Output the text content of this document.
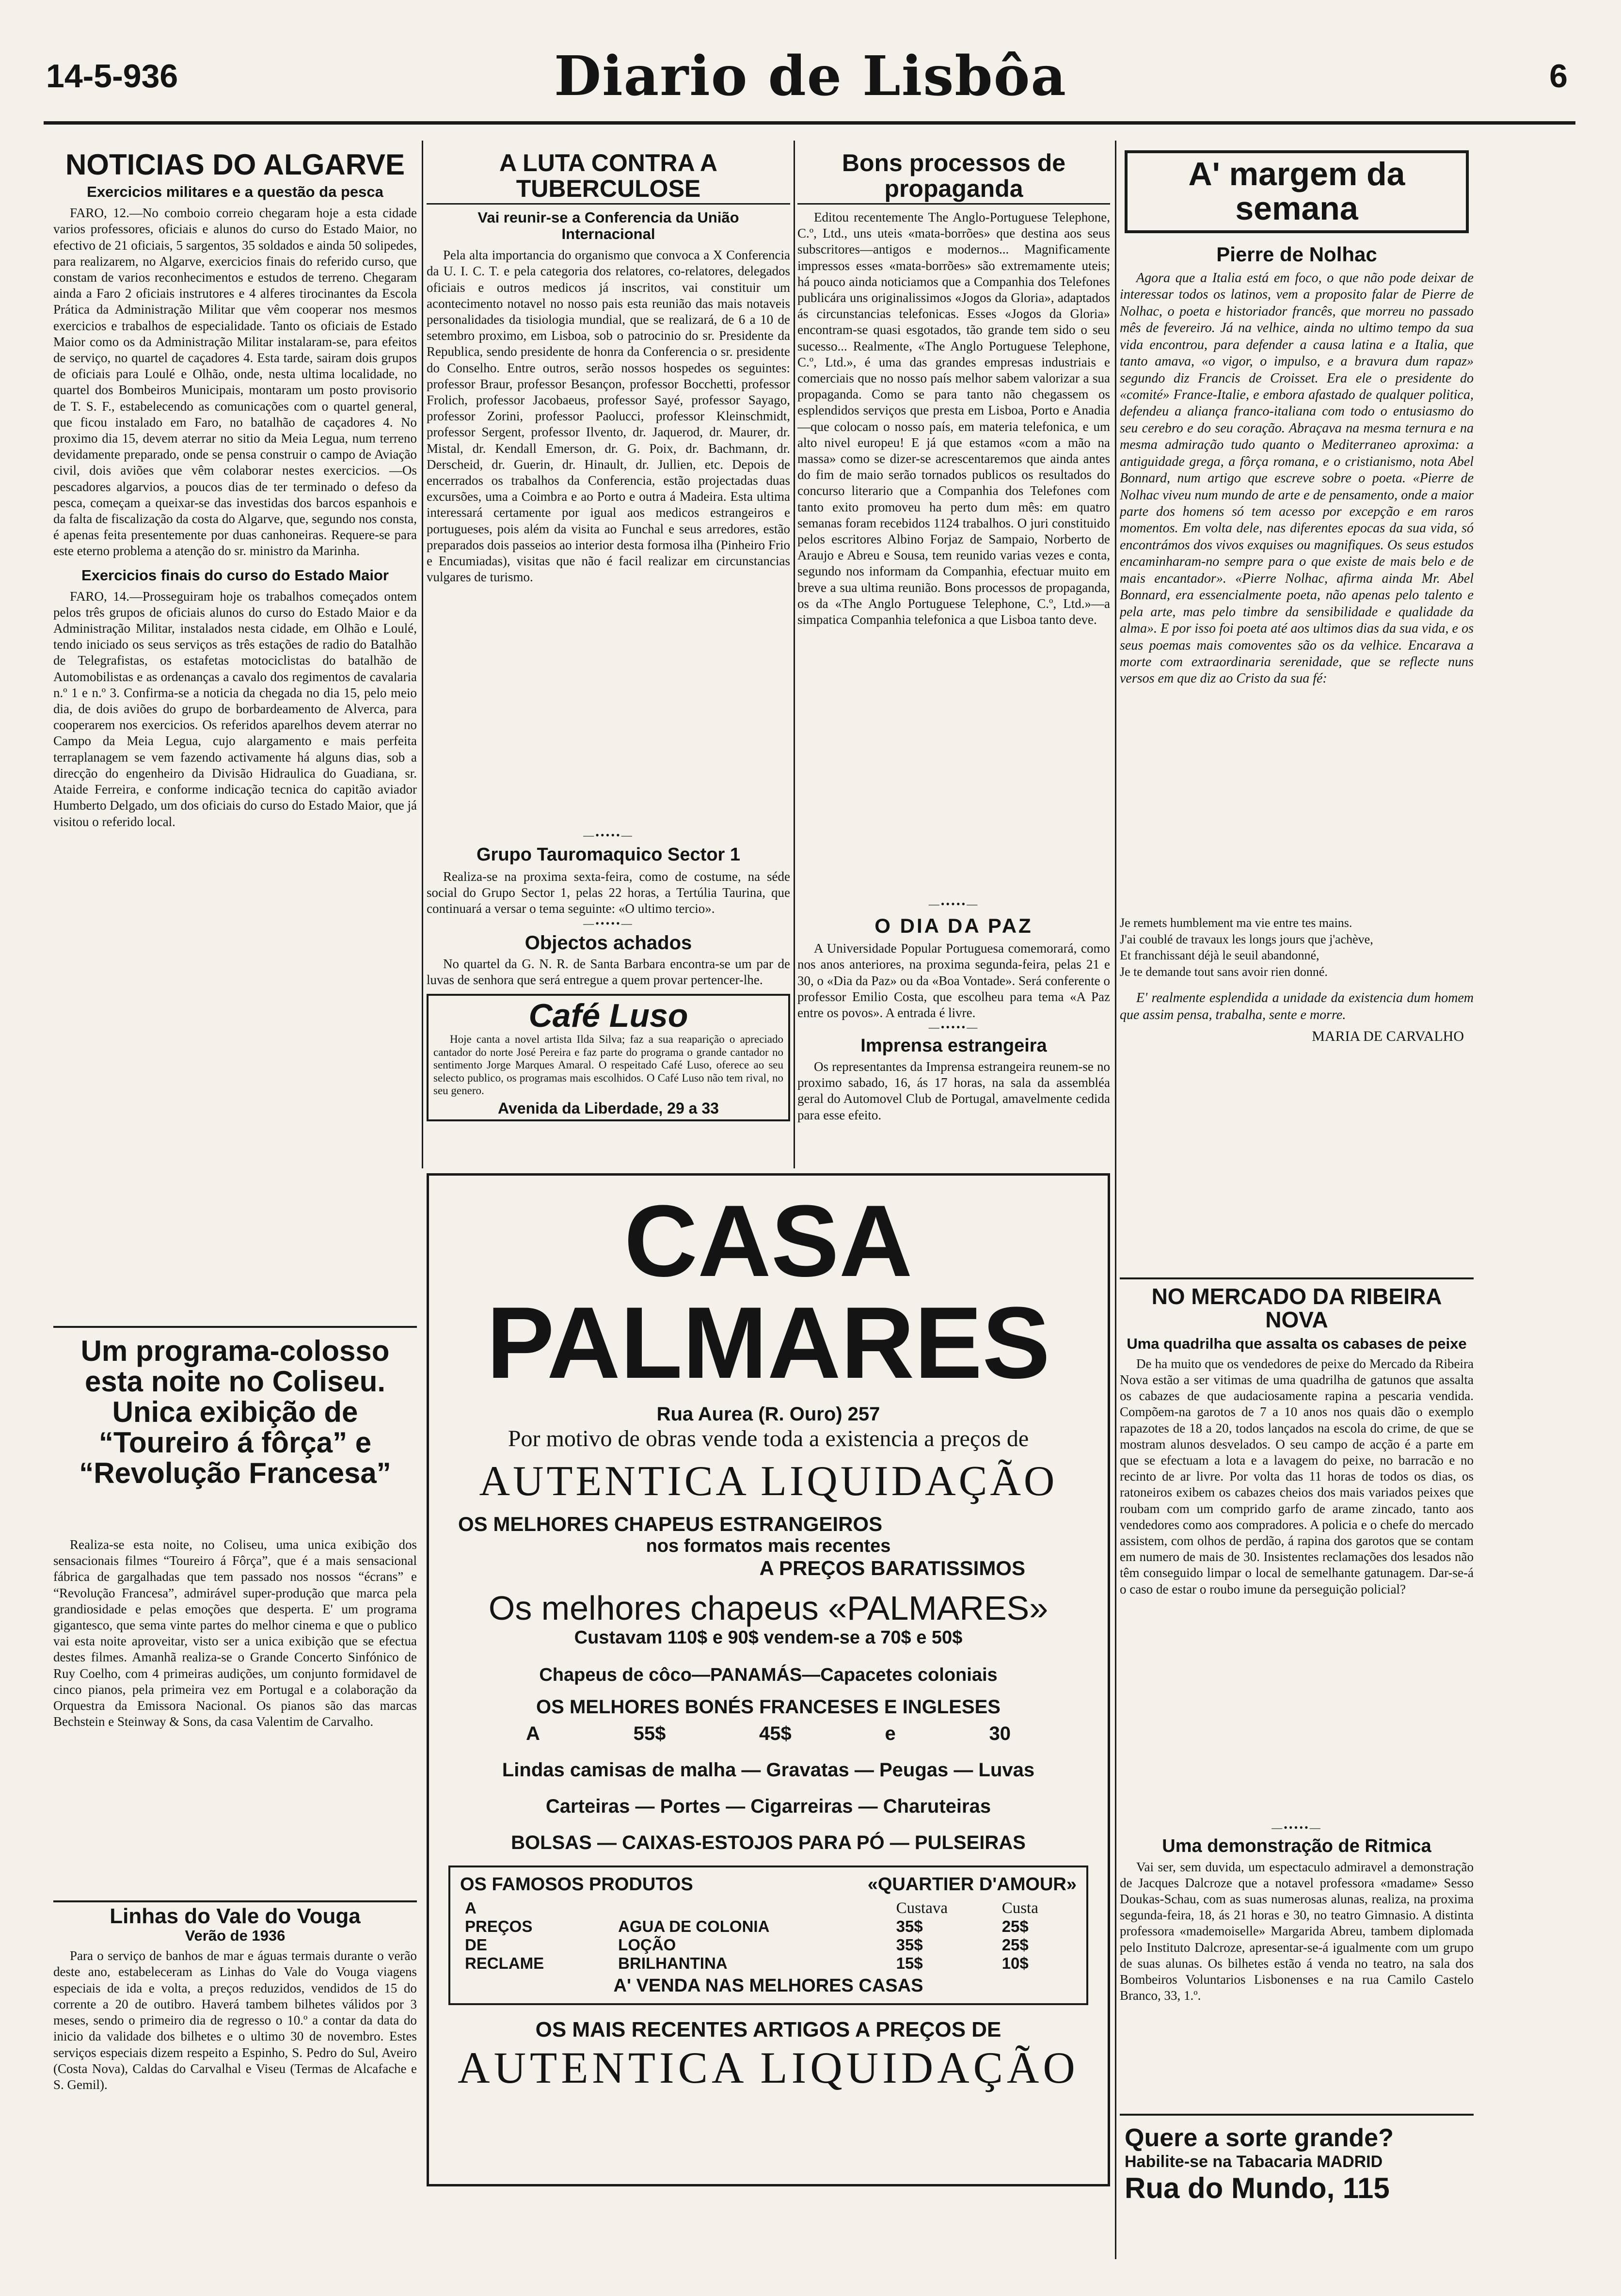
14-5-936	Diario de Lisbôa	6
NOTICIAS DO ALGARVE
Exercicios militares e a questão da pesca

FARO, 12.—No comboio correio chegaram hoje a esta cidade varios professores, oficiais e alunos do curso do Estado Maior, no efectivo de 21 oficiais, 5 sargentos, 35 soldados e ainda 50 solipedes, para realizarem, no Algarve, exercicios finais do referido curso, que constam de varios reconhecimentos e estudos de terreno. Chegaram ainda a Faro 2 oficiais instrutores e 4 alferes tirocinantes da Escola Prática da Administração Militar que vêm cooperar nos mesmos exercicios e trabalhos de especialidade. Tanto os oficiais de Estado Maior como os da Administração Militar instalaram-se, para efeitos de serviço, no quartel de caçadores 4. Esta tarde, sairam dois grupos de oficiais para Loulé e Olhão, onde, nesta ultima localidade, no quartel dos Bombeiros Municipais, montaram um posto provisorio de T. S. F., estabelecendo as comunicações com o quartel general, que ficou instalado em Faro, no batalhão de caçadores 4. No proximo dia 15, devem aterrar no sitio da Meia Legua, num terreno devidamente preparado, onde se pensa construir o campo de Aviação civil, dois aviões que vêm colaborar nestes exercicios. —Os pescadores algarvios, a poucos dias de ter terminado o defeso da pesca, começam a queixar-se das investidas dos barcos espanhois e da falta de fiscalização da costa do Algarve, que, segundo nos consta, é apenas feita presentemente por duas canhoneiras. Requere-se para este eterno problema a atenção do sr. ministro da Marinha.

Exercicios finais do curso do Estado Maior

FARO, 14.—Prosseguiram hoje os trabalhos começados ontem pelos três grupos de oficiais alunos do curso do Estado Maior e da Administração Militar, instalados nesta cidade, em Olhão e Loulé, tendo iniciado os seus serviços as três estações de radio do Batalhão de Telegrafistas, os estafetas motociclistas do batalhão de Automobilistas e as ordenanças a cavalo dos regimentos de cavalaria n.º 1 e n.º 3. Confirma-se a noticia da chegada no dia 15, pelo meio dia, de dois aviões do grupo de borbardeamento de Alverca, para cooperarem nos exercicios. Os referidos aparelhos devem aterrar no Campo da Meia Legua, cujo alargamento e mais perfeita terraplanagem se vem fazendo activamente há alguns dias, sob a direcção do engenheiro da Divisão Hidraulica do Guadiana, sr. Ataide Ferreira, e conforme indicação tecnica do capitão aviador Humberto Delgado, um dos oficiais do curso do Estado Maior, que já visitou o referido local.

Um programa-colosso esta noite no Coliseu. Unica exibição de “Toureiro á fôrça” e “Revolução Francesa”

Realiza-se esta noite, no Coliseu, uma unica exibição dos sensacionais filmes “Toureiro á Fôrça”, que é a mais sensacional fábrica de gargalhadas que tem passado nos nossos “écrans” e “Revolução Francesa”, admirável super-produção que marca pela grandiosidade e pelas emoções que desperta. E' um programa gigantesco, que sema vinte partes do melhor cinema e que o publico vai esta noite aproveitar, visto ser a unica exibição que se efectua destes filmes. Amanhã realiza-se o Grande Concerto Sinfónico de Ruy Coelho, com 4 primeiras audições, um conjunto formidavel de cinco pianos, pela primeira vez em Portugal e a colaboração da Orquestra da Emissora Nacional. Os pianos são das marcas Bechstein e Steinway & Sons, da casa Valentim de Carvalho.

Linhas do Vale do Vouga
Verão de 1936

Para o serviço de banhos de mar e águas termais durante o verão deste ano, estabeleceram as Linhas do Vale do Vouga viagens especiais de ida e volta, a preços reduzidos, vendidos de 15 do corrente a 20 de outibro. Haverá tambem bilhetes válidos por 3 meses, sendo o primeiro dia de regresso o 10.º a contar da data do inicio da validade dos bilhetes e o ultimo 30 de novembro. Estes serviços especiais dizem respeito a Espinho, S. Pedro do Sul, Aveiro (Costa Nova), Caldas do Carvalhal e Viseu (Termas de Alcafache e S. Gemil).

A LUTA CONTRA A TUBERCULOSE
Vai reunir-se a Conferencia da União Internacional

Pela alta importancia do organismo que convoca a X Conferencia da U. I. C. T. e pela categoria dos relatores, co-relatores, delegados oficiais e outros medicos já inscritos, vai constituir um acontecimento notavel no nosso pais esta reunião das mais notaveis personalidades da tisiologia mundial, que se realizará, de 6 a 10 de setembro proximo, em Lisboa, sob o patrocinio do sr. Presidente da Republica, sendo presidente de honra da Conferencia o sr. presidente do Conselho. Entre outros, serão nossos hospedes os seguintes: professor Braur, professor Besançon, professor Bocchetti, professor Frolich, professor Jacobaeus, professor Sayé, professor Sayago, professor Zorini, professor Paolucci, professor Kleinschmidt, professor Sergent, professor Ilvento, dr. Jaquerod, dr. Maurer, dr. Mistal, dr. Kendall Emerson, dr. G. Poix, dr. Bachmann, dr. Derscheid, dr. Guerin, dr. Hinault, dr. Jullien, etc. Depois de encerrados os trabalhos da Conferencia, estão projectadas duas excursões, uma a Coimbra e ao Porto e outra á Madeira. Esta ultima interessará certamente por igual aos medicos estrangeiros e portugueses, pois além da visita ao Funchal e seus arredores, estão preparados dois passeios ao interior desta formosa ilha (Pinheiro Frio e Encumiadas), visitas que não é facil realizar em circunstancias vulgares de turismo.

—•••••—
Grupo Tauromaquico Sector 1

Realiza-se na proxima sexta-feira, como de costume, na séde social do Grupo Sector 1, pelas 22 horas, a Tertúlia Taurina, que continuará a versar o tema seguinte: «O ultimo tercio».

—•••••—
Objectos achados

No quartel da G. N. R. de Santa Barbara encontra-se um par de luvas de senhora que será entregue a quem provar pertencer-lhe.

Café Luso

Hoje canta a novel artista Ilda Silva; faz a sua reaparição o apreciado cantador do norte José Pereira e faz parte do programa o grande cantador no sentimento Jorge Marques Amaral. O respeitado Café Luso, oferece ao seu selecto publico, os programas mais escolhidos. O Café Luso não tem rival, no seu genero.

Avenida da Liberdade, 29 a 33
Bons processos de propaganda

Editou recentemente The Anglo-Portuguese Telephone, C.º, Ltd., uns uteis «mata-borrões» que destina aos seus subscritores—antigos e modernos... Magnificamente impressos esses «mata-borrões» são extremamente uteis; há pouco ainda noticiamos que a Companhia dos Telefones publicára uns originalissimos «Jogos da Gloria», adaptados ás circunstancias telefonicas. Esses «Jogos da Gloria» encontram-se quasi esgotados, tão grande tem sido o seu sucesso... Realmente, «The Anglo Portuguese Telephone, C.º, Ltd.», é uma das grandes empresas industriais e comerciais que no nosso país melhor sabem valorizar a sua propaganda. Como se para tanto não chegassem os esplendidos serviços que presta em Lisboa, Porto e Anadia—que colocam o nosso país, em materia telefonica, e um alto nivel europeu! E já que estamos «com a mão na massa» como se dizer-se acrescentaremos que ainda antes do fim de maio serão tornados publicos os resultados do concurso literario que a Companhia dos Telefones com tanto exito promoveu ha perto dum mês: em quatro semanas foram recebidos 1124 trabalhos. O juri constituido pelos escritores Albino Forjaz de Sampaio, Norberto de Araujo e Abreu e Sousa, tem reunido varias vezes e conta, segundo nos informam da Companhia, efectuar muito em breve a sua ultima reunião. Bons processos de propaganda, os da «The Anglo Portuguese Telephone, C.º, Ltd.»—a simpatica Companhia telefonica a que Lisboa tanto deve.

—•••••—
O DIA DA PAZ

A Universidade Popular Portuguesa comemorará, como nos anos anteriores, na proxima segunda-feira, pelas 21 e 30, o «Dia da Paz» ou da «Boa Vontade». Será conferente o professor Emilio Costa, que escolheu para tema «A Paz entre os povos». A entrada é livre.

—•••••—
Imprensa estrangeira

Os representantes da Imprensa estrangeira reunem-se no proximo sabado, 16, ás 17 horas, na sala da assembléa geral do Automovel Club de Portugal, amavelmente cedida para esse efeito.

A' margem da semana
Pierre de Nolhac

Agora que a Italia está em foco, o que não pode deixar de interessar todos os latinos, vem a proposito falar de Pierre de Nolhac, o poeta e historiador francês, que morreu no passado mês de fevereiro. Já na velhice, ainda no ultimo tempo da sua vida encontrou, para defender a causa latina e a Italia, que tanto amava, «o vigor, o impulso, e a bravura dum rapaz» segundo diz Francis de Croisset. Era ele o presidente do «comité» France-Italie, e embora afastado de qualquer politica, defendeu a aliança franco-italiana com todo o entusiasmo do seu cerebro e do seu coração. Abraçava na mesma ternura e na mesma admiração tudo quanto o Mediterraneo aproxima: a antiguidade grega, a fôrça romana, e o cristianismo, nota Abel Bonnard, num artigo que escreve sobre o poeta. «Pierre de Nolhac viveu num mundo de arte e de pensamento, onde a maior parte dos homens só tem acesso por excepção e em raros momentos. Em volta dele, nas diferentes epocas da sua vida, só encontrámos dos vivos exquises ou magnifiques. Os seus estudos encaminharam-no sempre para o que existe de mais belo e de mais encantador». «Pierre Nolhac, afirma ainda Mr. Abel Bonnard, era essencialmente poeta, não apenas pelo talento e pela arte, mas pelo timbre da sensibilidade e qualidade da alma». E por isso foi poeta até aos ultimos dias da sua vida, e os seus poemas mais comoventes são os da velhice. Encarava a morte com extraordinaria serenidade, que se reflecte nuns versos em que diz ao Cristo da sua fé:

Je remets humblement ma vie entre tes mains.
J'ai coublé de travaux les longs jours que j'achève,
Et franchissant déjà le seuil abandonné,
Je te demande tout sans avoir rien donné.

E' realmente esplendida a unidade da existencia dum homem que assim pensa, trabalha, sente e morre.

MARIA DE CARVALHO
NO MERCADO DA RIBEIRA NOVA
Uma quadrilha que assalta os cabases de peixe

De ha muito que os vendedores de peixe do Mercado da Ribeira Nova estão a ser vitimas de uma quadrilha de gatunos que assalta os cabazes de que audaciosamente rapina a pescaria vendida. Compõem-na garotos de 7 a 10 anos nos quais dão o exemplo rapazotes de 18 a 20, todos lançados na escola do crime, de que se mostram alunos desvelados. O seu campo de acção é a parte em que se efectuam a lota e a lavagem do peixe, no barracão e no recinto de ar livre. Por volta das 11 horas de todos os dias, os ratoneiros exibem os cabazes cheios dos mais variados peixes que roubam com um comprido garfo de arame zincado, tanto aos vendedores como aos compradores. A policia e o chefe do mercado assistem, com olhos de perdão, á rapina dos garotos que se contam em numero de mais de 30. Insistentes reclamações dos lesados não têm conseguido limpar o local de semelhante gatunagem. Dar-se-á o caso de estar o roubo imune da perseguição policial?

—•••••—
Uma demonstração de Ritmica

Vai ser, sem duvida, um espectaculo admiravel a demonstração de Jacques Dalcroze que a notavel professora «madame» Sesso Doukas-Schau, com as suas numerosas alunas, realiza, na proxima segunda-feira, 18, ás 21 horas e 30, no teatro Gimnasio. A distinta professora «mademoiselle» Margarida Abreu, tambem diplomada pelo Instituto Dalcroze, apresentar-se-á igualmente com um grupo de suas alunas. Os bilhetes estão á venda no teatro, na sala dos Bombeiros Voluntarios Lisbonenses e na rua Camilo Castelo Branco, 33, 1.º.

Quere a sorte grande?
Habilite-se na Tabacaria MADRID
Rua do Mundo, 115
CASA PALMARES
Rua Aurea (R. Ouro) 257
Por motivo de obras vende toda a existencia a preços de
AUTENTICA LIQUIDAÇÃO
OS MELHORES CHAPEUS ESTRANGEIROS
nos formatos mais recentes
A PREÇOS BARATISSIMOS
Os melhores chapeus «PALMARES»
Custavam 110$ e 90$ vendem-se a 70$ e 50$
Chapeus de côco—PANAMÁS—Capacetes coloniais
OS MELHORES BONÉS FRANCESES E INGLESES
A	55$	45$	e	30
Lindas camisas de malha — Gravatas — Peugas — Luvas
Carteiras — Portes — Cigarreiras — Charuteiras
BOLSAS — CAIXAS-ESTOJOS PARA PÓ — PULSEIRAS
OS FAMOSOS PRODUTOS	«QUARTIER D'AMOUR»
A		Custava	Custa
PREÇOS	AGUA DE COLONIA	35$	25$
DE	LOÇÃO	35$	25$
RECLAME	BRILHANTINA	15$	10$
A' VENDA NAS MELHORES CASAS
OS MAIS RECENTES ARTIGOS A PREÇOS DE
AUTENTICA LIQUIDAÇÃO
